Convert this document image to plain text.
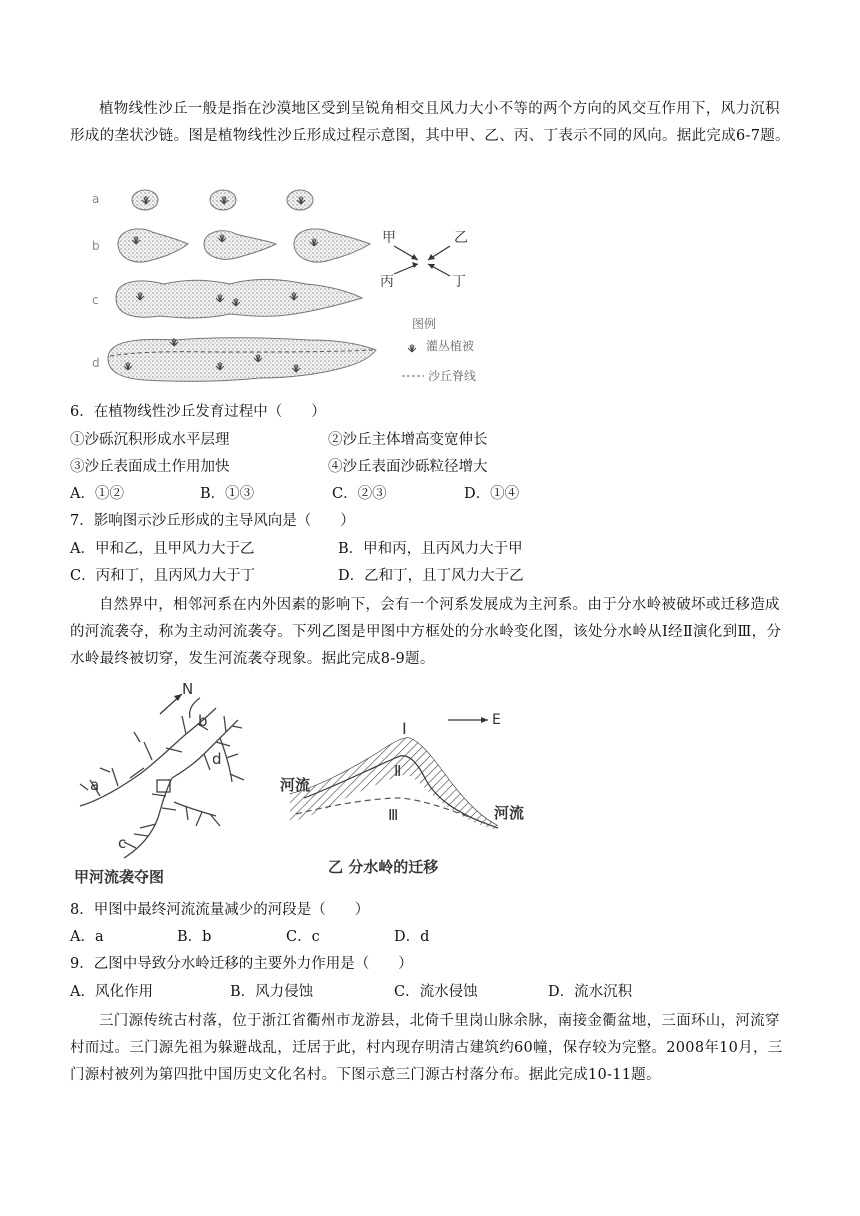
植物线性沙丘一般是指在沙漠地区受到呈锐角相交且风力大小不等的两个方向的风交互作用下，风力沉积形成的垄状沙链。图是植物线性沙丘形成过程示意图，其中甲、乙、丙、丁表示不同的风向。据此完成6-7题。
a
b
c
d
甲	乙
丙	丁
图例
灌丛植被
沙丘脊线
6．在植物线性沙丘发育过程中（　　）
①沙砾沉积形成水平层理	②沙丘主体增高变宽伸长
③沙丘表面成土作用加快	④沙丘表面沙砾粒径增大
A．①②	B．①③	C．②③	D．①④
7．影响图示沙丘形成的主导风向是（　　）
A．甲和乙，且甲风力大于乙	B．甲和丙，且丙风力大于甲
C．丙和丁，且丙风力大于丁	D．乙和丁，且丁风力大于乙
自然界中，相邻河系在内外因素的影响下，会有一个河系发展成为主河系。由于分水岭被破坏或迁移造成的河流袭夺，称为主动河流袭夺。下列乙图是甲图中方框处的分水岭变化图，该处分水岭从Ⅰ经Ⅱ演化到Ⅲ，分水岭最终被切穿，发生河流袭夺现象。据此完成8-9题。
N
a
b
c
d
甲河流袭夺图
E
Ⅰ
Ⅱ
Ⅲ
河流
河流
乙 分水岭的迁移
8．甲图中最终河流流量减少的河段是（　　）
A．a	B．b	C．c	D．d
9．乙图中导致分水岭迁移的主要外力作用是（　　）
A．风化作用	B．风力侵蚀	C．流水侵蚀	D．流水沉积
三门源传统古村落，位于浙江省衢州市龙游县，北倚千里岗山脉余脉，南接金衢盆地，三面环山，河流穿村而过。三门源先祖为躲避战乱，迁居于此，村内现存明清古建筑约60幢，保存较为完整。2008年10月，三门源村被列为第四批中国历史文化名村。下图示意三门源古村落分布。据此完成10-11题。
